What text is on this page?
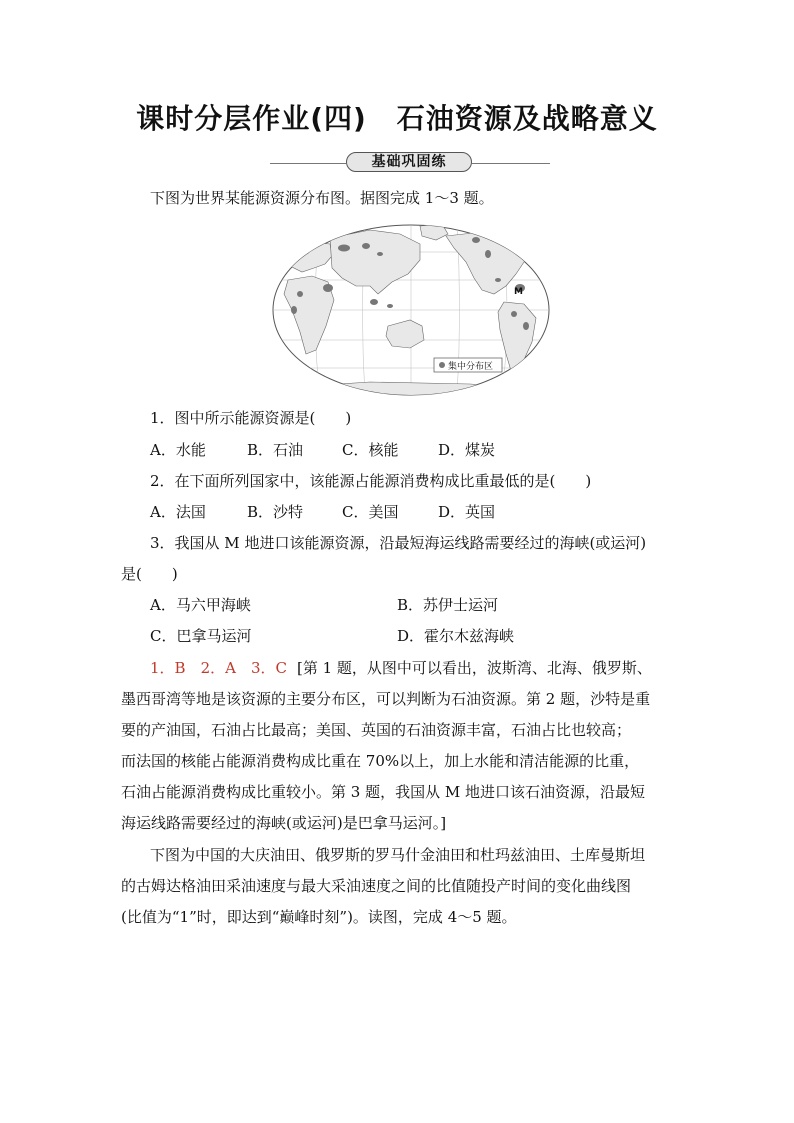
课时分层作业(四) 石油资源及战略意义
基础巩固练
下图为世界某能源资源分布图。据图完成 1～3 题。
M
集中分布区
1．图中所示能源资源是(　　)
A．水能	B．石油	C．核能	D．煤炭
2．在下面所列国家中，该能源占能源消费构成比重最低的是(　　)
A．法国	B．沙特	C．美国	D．英国
3．我国从 M 地进口该能源资源，沿最短海运线路需要经过的海峡(或运河)
是(　　)
A．马六甲海峡	B．苏伊士运河
C．巴拿马运河	D．霍尔木兹海峡
1．B　2．A　3．C [第 1 题，从图中可以看出，波斯湾、北海、俄罗斯、
墨西哥湾等地是该资源的主要分布区，可以判断为石油资源。第 2 题，沙特是重
要的产油国，石油占比最高；美国、英国的石油资源丰富，石油占比也较高；
而法国的核能占能源消费构成比重在 70%以上，加上水能和清洁能源的比重，
石油占能源消费构成比重较小。第 3 题，我国从 M 地进口该石油资源，沿最短
海运线路需要经过的海峡(或运河)是巴拿马运河。]
下图为中国的大庆油田、俄罗斯的罗马什金油田和杜玛兹油田、土库曼斯坦
的古姆达格油田采油速度与最大采油速度之间的比值随投产时间的变化曲线图
(比值为“1”时，即达到“巅峰时刻”)。读图，完成 4～5 题。
